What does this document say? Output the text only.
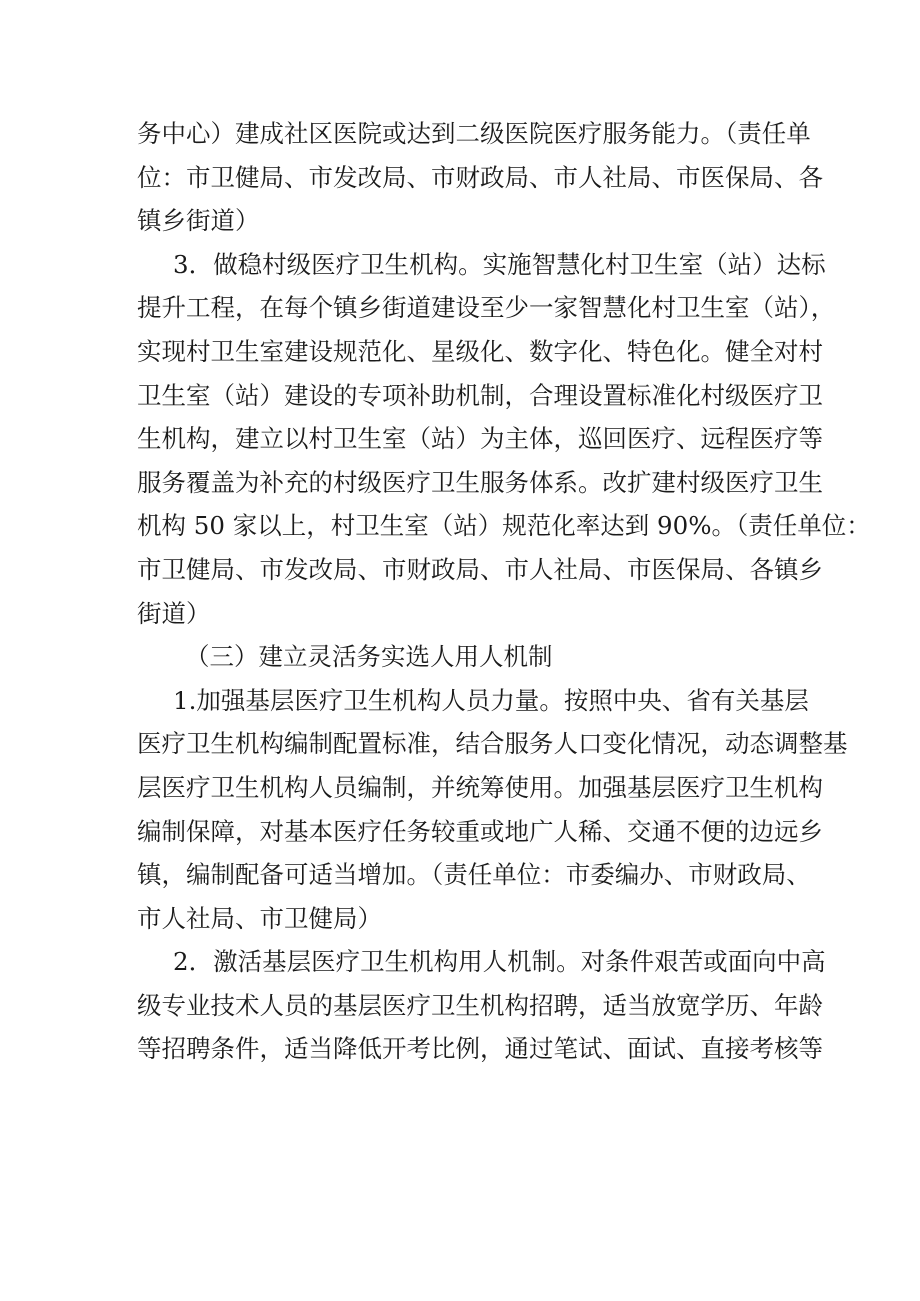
务中心）建成社区医院或达到二级医院医疗服务能力。（责任单
位：市卫健局、市发改局、市财政局、市人社局、市医保局、各
镇乡街道）
3．做稳村级医疗卫生机构。实施智慧化村卫生室（站）达标
提升工程，在每个镇乡街道建设至少一家智慧化村卫生室（站），
实现村卫生室建设规范化、星级化、数字化、特色化。健全对村
卫生室（站）建设的专项补助机制，合理设置标准化村级医疗卫
生机构，建立以村卫生室（站）为主体，巡回医疗、远程医疗等
服务覆盖为补充的村级医疗卫生服务体系。改扩建村级医疗卫生
机构 50 家以上，村卫生室（站）规范化率达到 90%。（责任单位：
市卫健局、市发改局、市财政局、市人社局、市医保局、各镇乡
街道）
（三）建立灵活务实选人用人机制
1.加强基层医疗卫生机构人员力量。按照中央、省有关基层
医疗卫生机构编制配置标准，结合服务人口变化情况，动态调整基
层医疗卫生机构人员编制，并统筹使用。加强基层医疗卫生机构
编制保障，对基本医疗任务较重或地广人稀、交通不便的边远乡
镇，编制配备可适当增加。（责任单位：市委编办、市财政局、
市人社局、市卫健局）
2．激活基层医疗卫生机构用人机制。对条件艰苦或面向中高
级专业技术人员的基层医疗卫生机构招聘，适当放宽学历、年龄
等招聘条件，适当降低开考比例，通过笔试、面试、直接考核等
